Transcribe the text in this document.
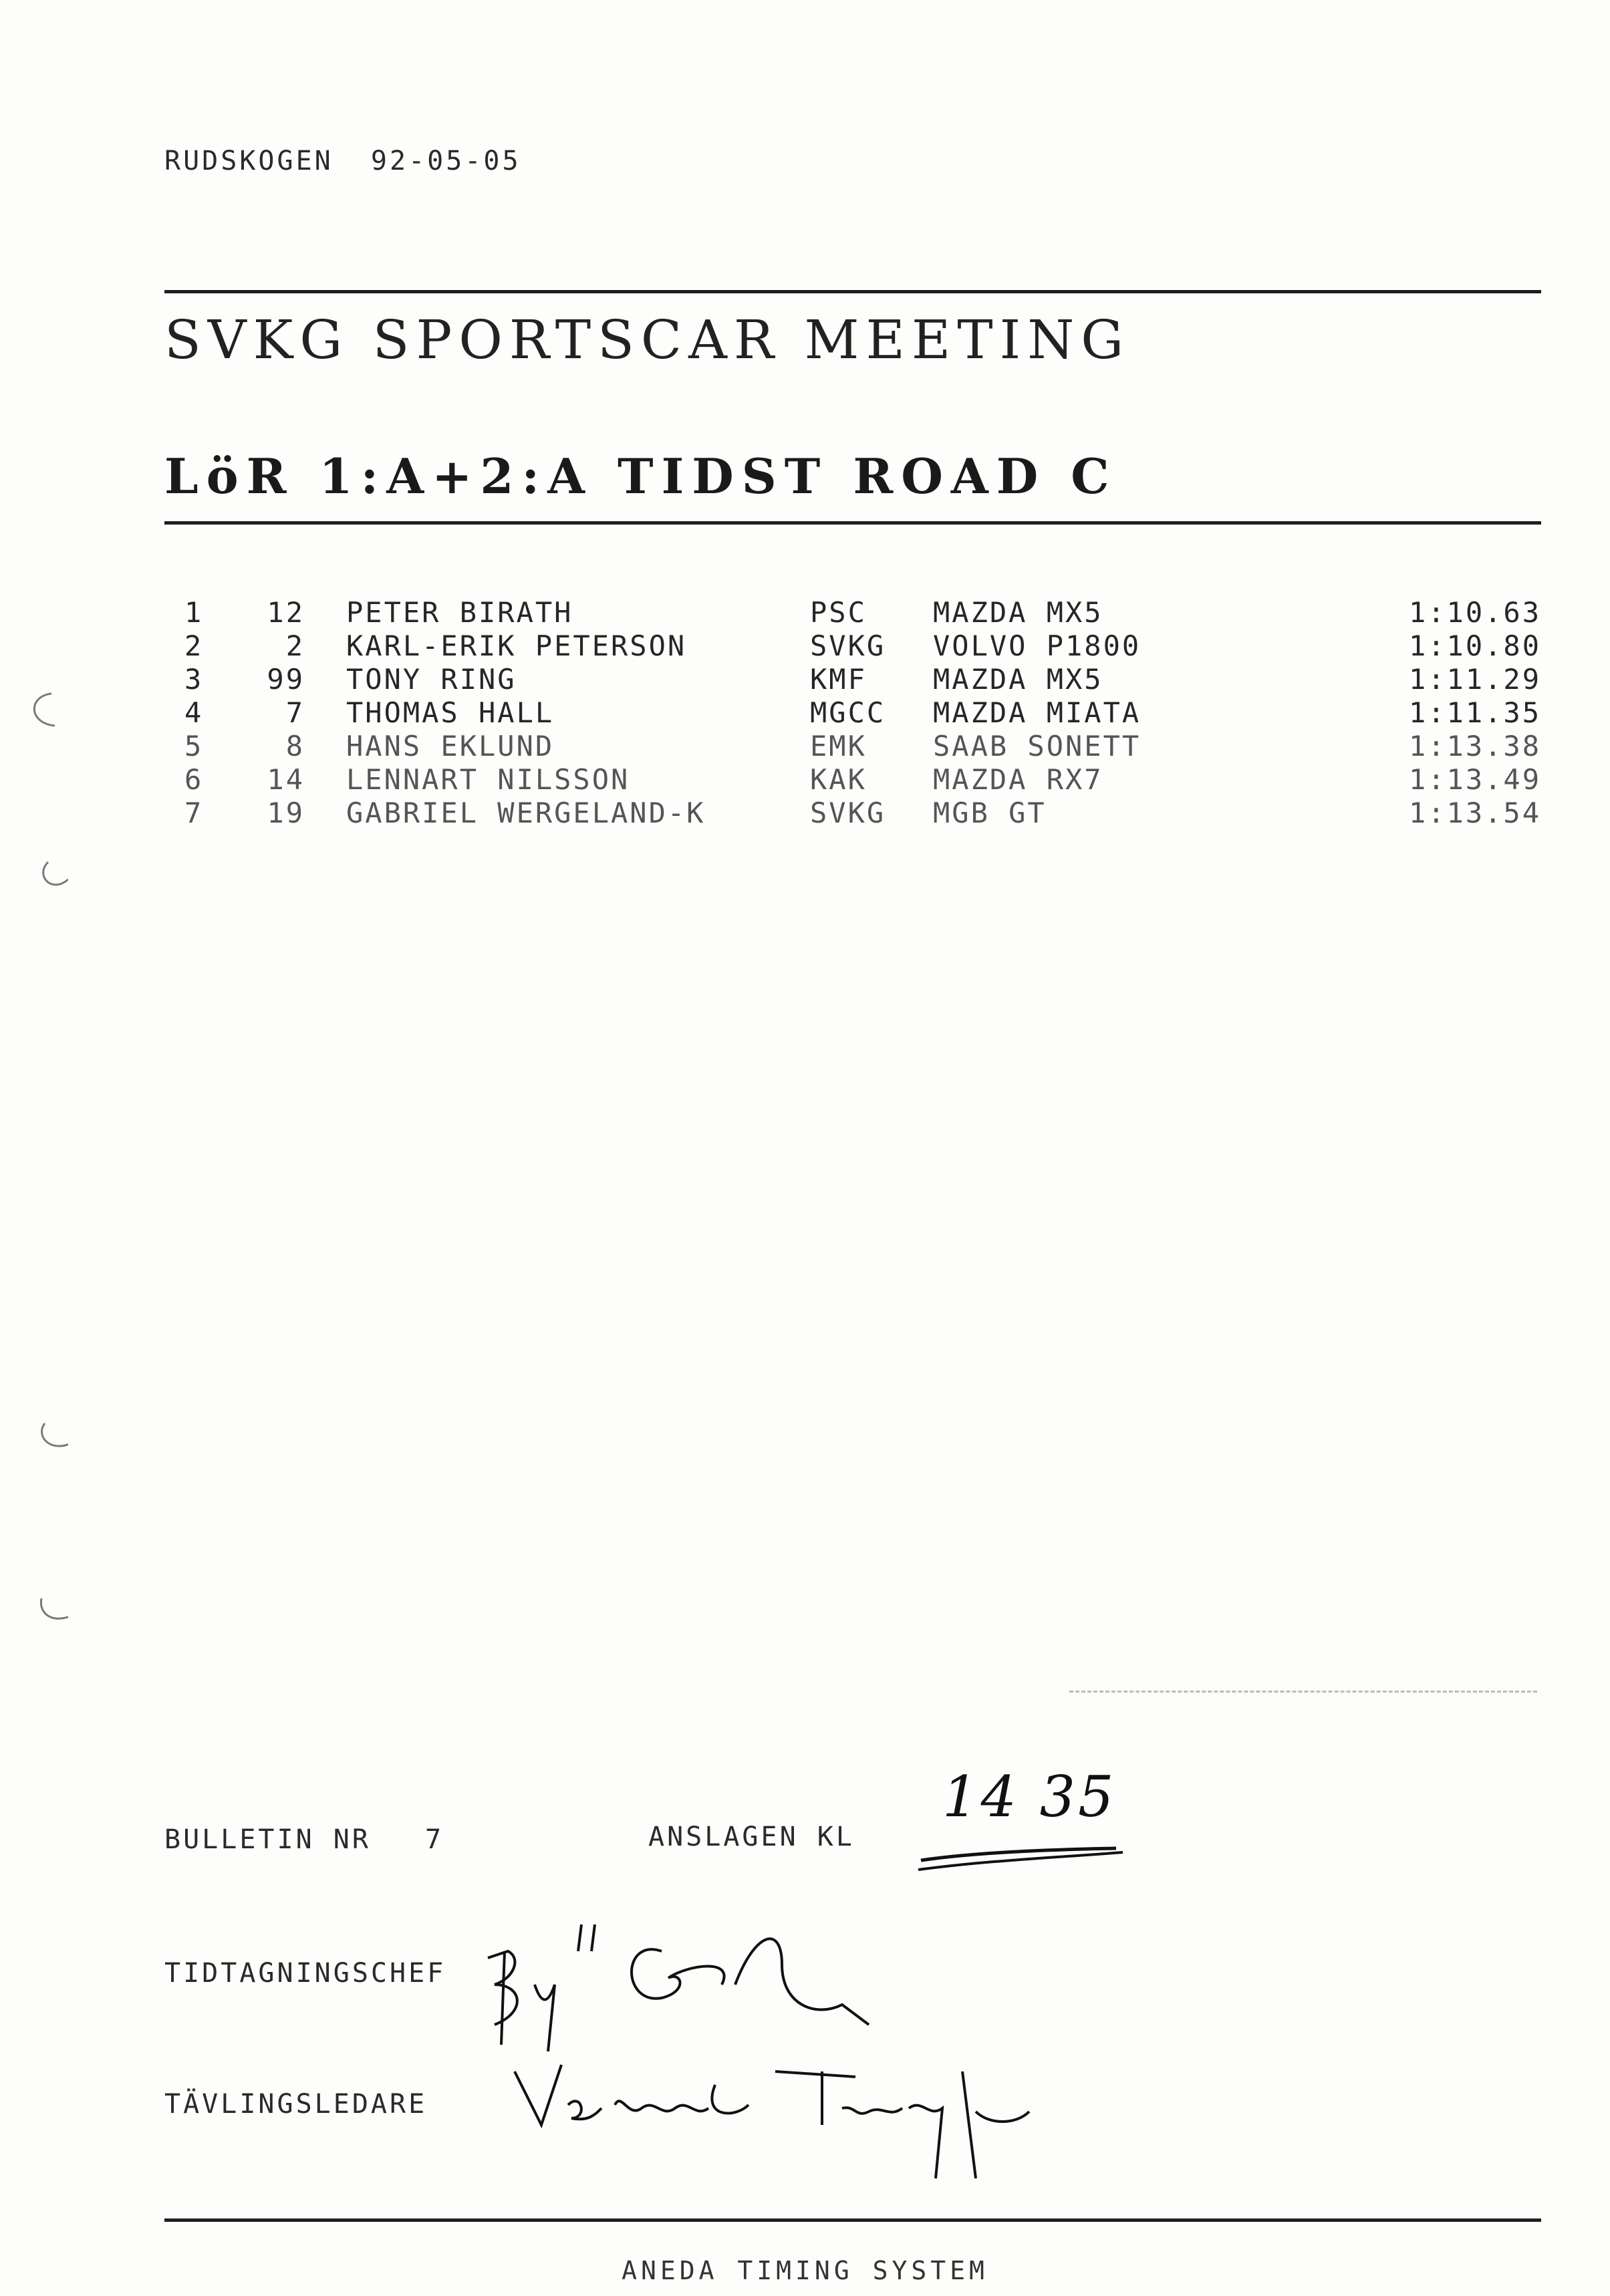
RUDSKOGEN  92-05-05
SVKG SPORTSCAR MEETING
LöR 1:A+2:A TIDST ROAD C
1	12 PETER BIRATH	PSC MAZDA MX5	1:10.63
2	2 KARL-ERIK PETERSON	SVKG VOLVO P1800	1:10.80
3	99 TONY RING	KMF MAZDA MX5	1:11.29
4	7 THOMAS HALL	MGCC MAZDA MIATA	1:11.35
5	8 HANS EKLUND	EMK SAAB SONETT	1:13.38
6	14 LENNART NILSSON	KAK MAZDA RX7	1:13.49
7	19 GABRIEL WERGELAND-K	SVKG MGB GT	1:13.54
BULLETIN NR 7	ANSLAGEN KL
14 35
TIDTAGNINGSCHEF
TÄVLINGSLEDARE
ANEDA TIMING SYSTEM
